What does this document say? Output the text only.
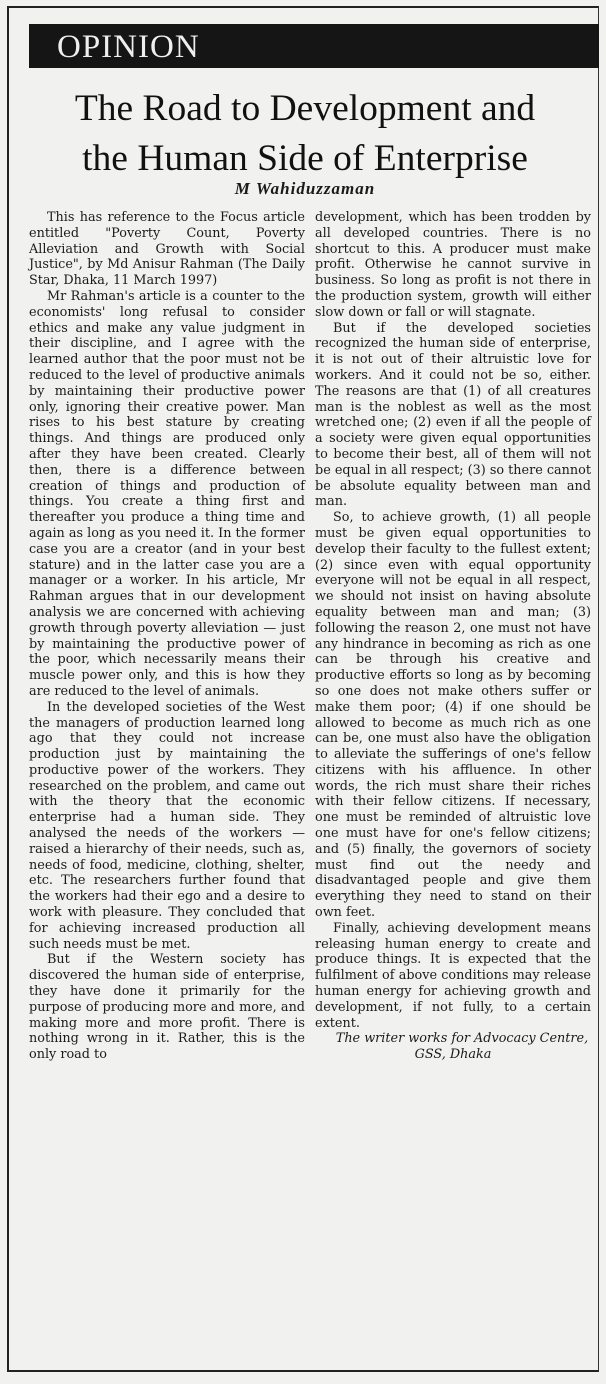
OPINION
The Road to Development and
the Human Side of Enterprise
M Wahiduzzaman

This has reference to the Focus article entitled "Poverty Count, Poverty Alleviation and Growth with Social Justice", by Md Anisur Rahman (The Daily Star, Dhaka, 11 March 1997)

Mr Rahman's article is a counter to the economists' long refusal to consider ethics and make any value judgment in their discipline, and I agree with the learned author that the poor must not be reduced to the level of productive animals by maintaining their productive power only, ignoring their creative power. Man rises to his best stature by creating things. And things are produced only after they have been created. Clearly then, there is a difference between creation of things and production of things. You create a thing first and thereafter you produce a thing time and again as long as you need it. In the former case you are a creator (and in your best stature) and in the latter case you are a manager or a worker. In his article, Mr Rahman argues that in our development analysis we are concerned with achieving growth through poverty alleviation — just by maintaining the productive power of the poor, which necessarily means their muscle power only, and this is how they are reduced to the level of animals.

In the developed societies of the West the managers of production learned long ago that they could not increase production just by maintaining the productive power of the workers. They researched on the problem, and came out with the theory that the economic enterprise had a human side. They analysed the needs of the workers — raised a hierarchy of their needs, such as, needs of food, medicine, clothing, shelter, etc. The researchers further found that the workers had their ego and a desire to work with pleasure. They concluded that for achieving increased production all such needs must be met.

But if the Western society has discovered the human side of enterprise, they have done it primarily for the purpose of producing more and more, and making more and more profit. There is nothing wrong in it. Rather, this is the only road to

development, which has been trodden by all developed countries. There is no shortcut to this. A producer must make profit. Otherwise he cannot survive in business. So long as profit is not there in the production system, growth will either slow down or fall or will stagnate.

But if the developed societies recognized the human side of enterprise, it is not out of their altruistic love for workers. And it could not be so, either. The reasons are that (1) of all creatures man is the noblest as well as the most wretched one; (2) even if all the people of a society were given equal opportunities to become their best, all of them will not be equal in all respect; (3) so there cannot be absolute equality between man and man.

So, to achieve growth, (1) all people must be given equal opportunities to develop their faculty to the fullest extent; (2) since even with equal opportunity everyone will not be equal in all respect, we should not insist on having absolute equality between man and man; (3) following the reason 2, one must not have any hindrance in becoming as rich as one can be through his creative and productive efforts so long as by becoming so one does not make others suffer or make them poor; (4) if one should be allowed to become as much rich as one can be, one must also have the obligation to alleviate the sufferings of one's fellow citizens with his affluence. In other words, the rich must share their riches with their fellow citizens. If necessary, one must be reminded of altruistic love one must have for one's fellow citizens; and (5) finally, the governors of society must find out the needy and disadvantaged people and give them everything they need to stand on their own feet.

Finally, achieving development means releasing human energy to create and produce things. It is expected that the fulfilment of above conditions may release human energy for achieving growth and development, if not fully, to a certain extent.

The writer works for Advocacy Centre, GSS, Dhaka
